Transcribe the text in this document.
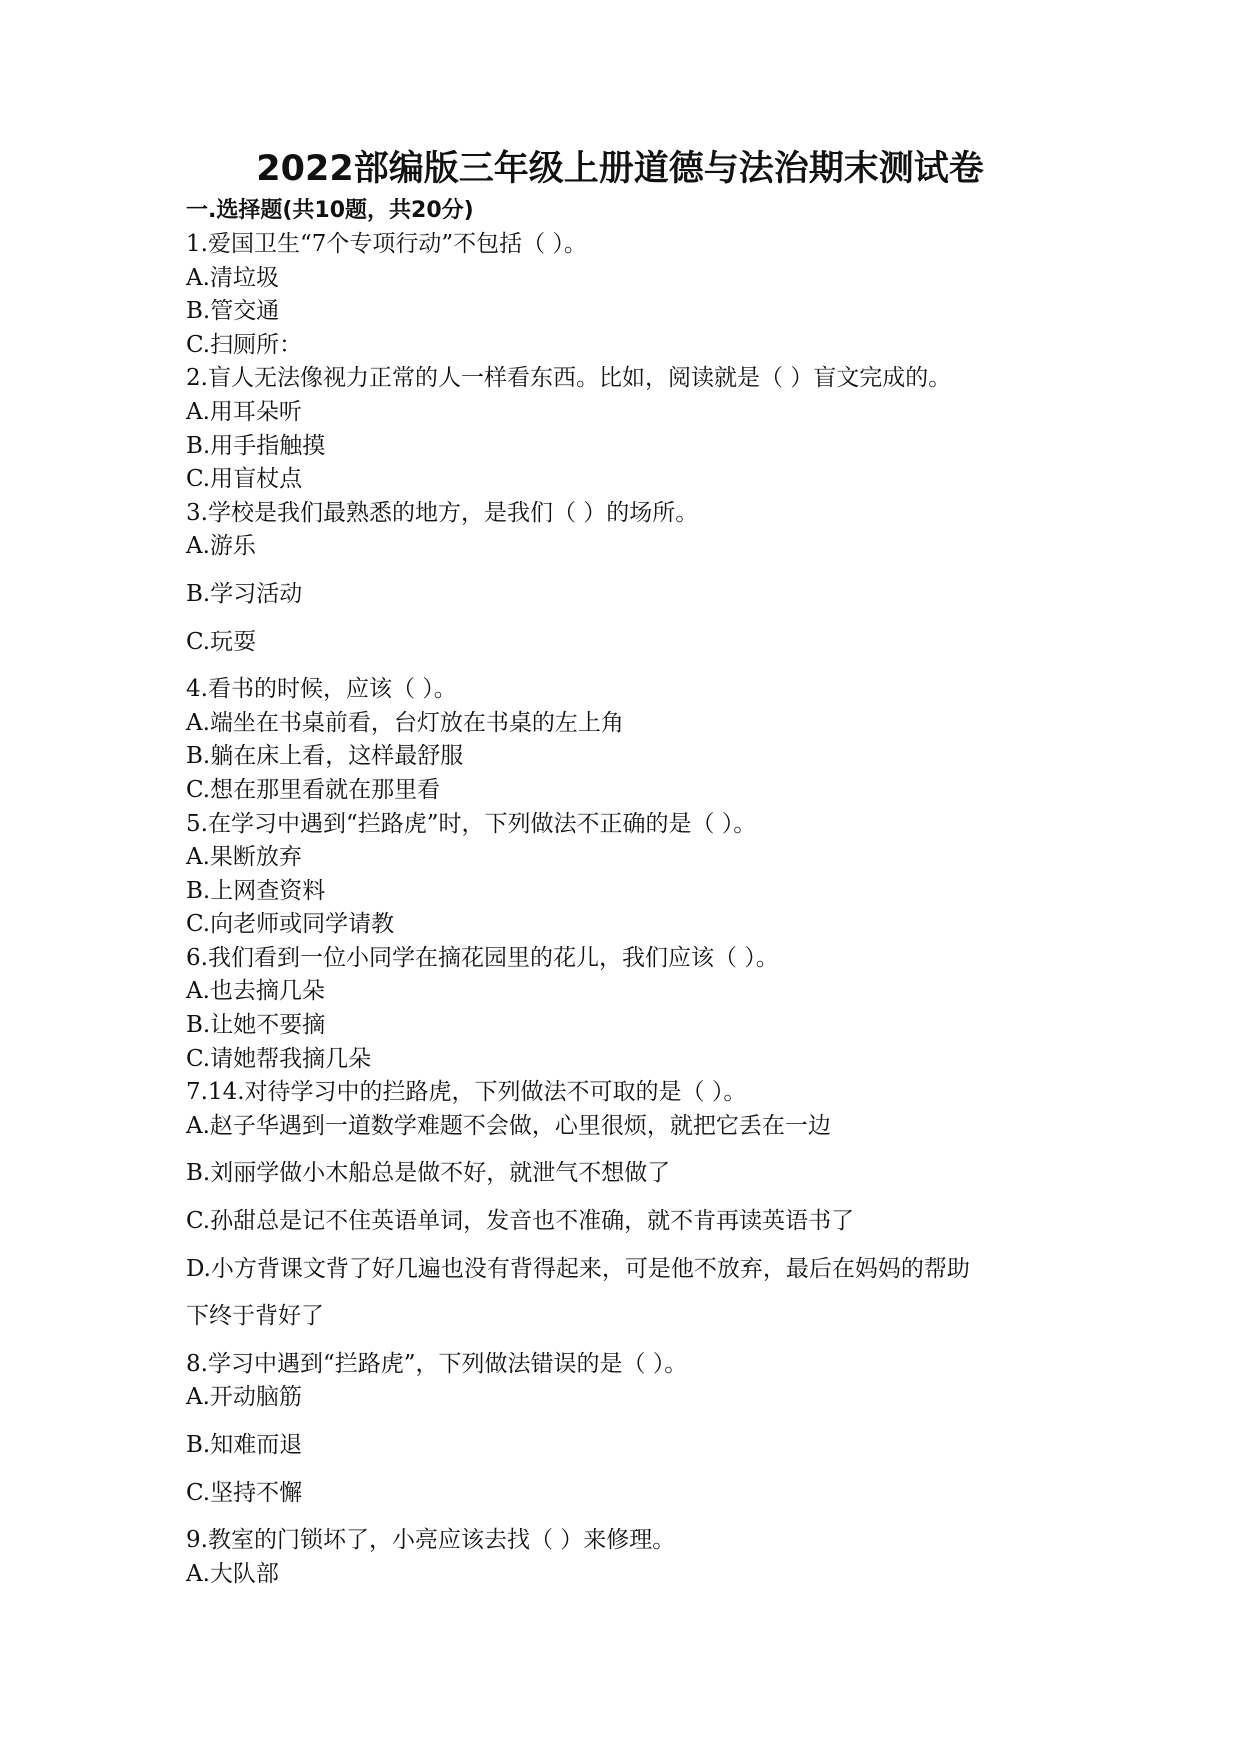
2022部编版三年级上册道德与法治期末测试卷
一.选择题(共10题，共20分)
1.爱国卫生“7个专项行动”不包括（ ）。
A.清垃圾
B.管交通
C.扫厕所：
2.盲人无法像视力正常的人一样看东西。比如，阅读就是（ ）盲文完成的。
A.用耳朵听
B.用手指触摸
C.用盲杖点
3.学校是我们最熟悉的地方，是我们（ ）的场所。
A.游乐
B.学习活动
C.玩耍
4.看书的时候，应该（ ）。
A.端坐在书桌前看，台灯放在书桌的左上角
B.躺在床上看，这样最舒服
C.想在那里看就在那里看
5.在学习中遇到“拦路虎”时，下列做法不正确的是（ ）。
A.果断放弃
B.上网查资料
C.向老师或同学请教
6.我们看到一位小同学在摘花园里的花儿，我们应该（ ）。
A.也去摘几朵
B.让她不要摘
C.请她帮我摘几朵
7.14.对待学习中的拦路虎，下列做法不可取的是（ ）。
A.赵子华遇到一道数学难题不会做，心里很烦，就把它丢在一边
B.刘丽学做小木船总是做不好，就泄气不想做了
C.孙甜总是记不住英语单词，发音也不准确，就不肯再读英语书了
D.小方背课文背了好几遍也没有背得起来，可是他不放弃，最后在妈妈的帮助
下终于背好了
8.学习中遇到“拦路虎”，下列做法错误的是（ ）。
A.开动脑筋
B.知难而退
C.坚持不懈
9.教室的门锁坏了，小亮应该去找（ ）来修理。
A.大队部
